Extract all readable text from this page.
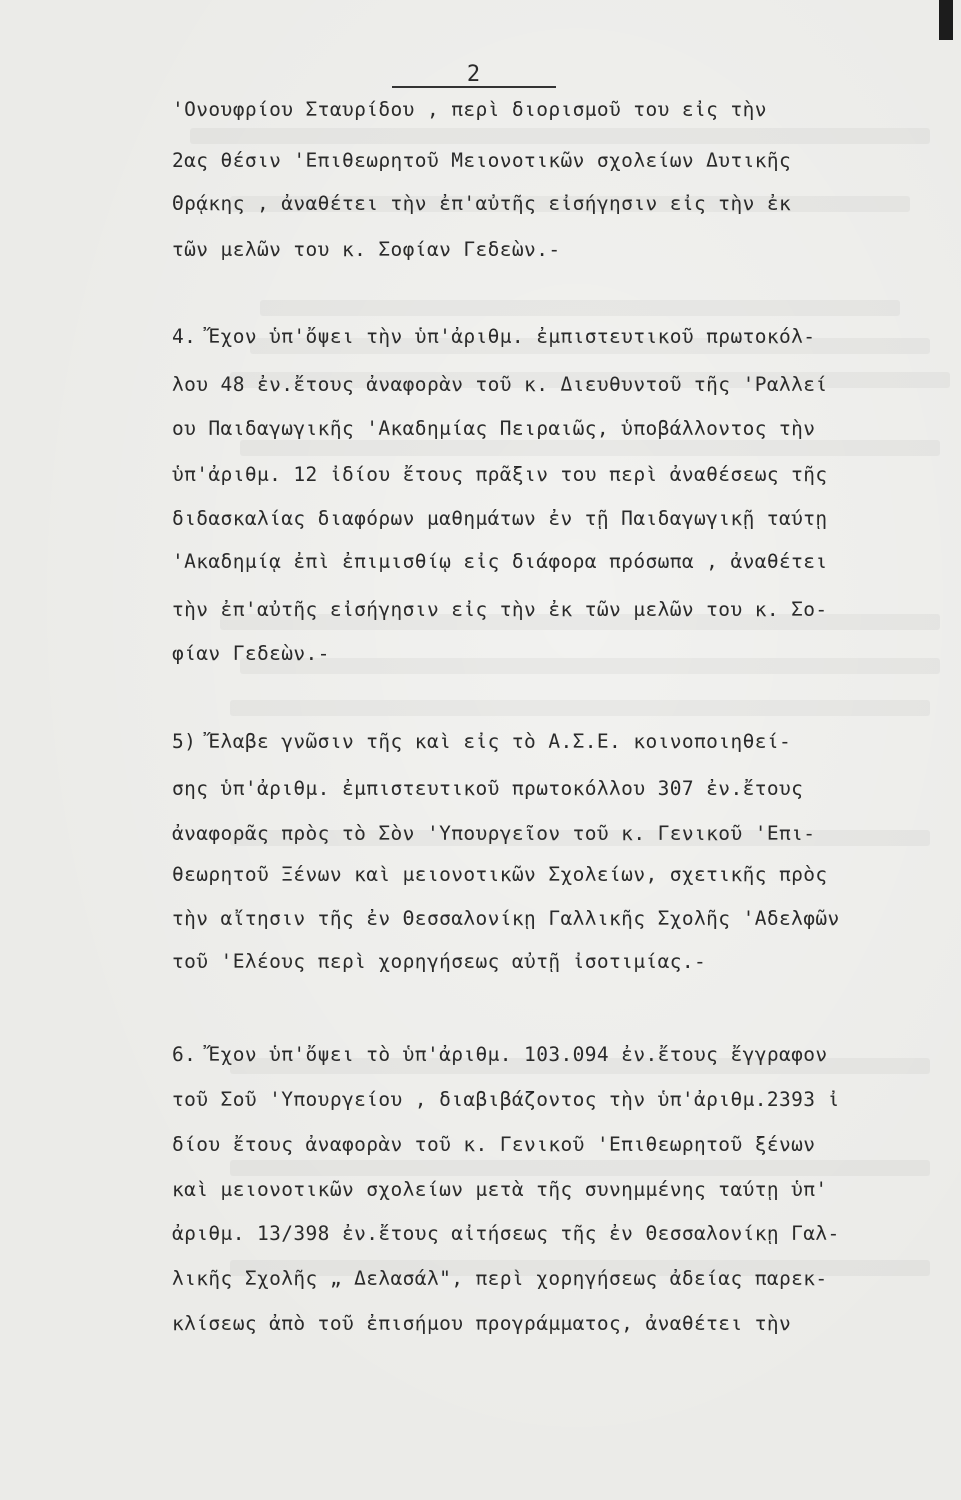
2
'Ονουφρίου Σταυρίδου , περὶ διορισμοῦ του εἰς τὴν
2ας θέσιν 'Επιθεωρητοῦ Μειονοτικῶν σχολείων Δυτικῆς
Θρᾴκης , ἀναθέτει τὴν ἐπ'αὐτῆς εἰσήγησιν εἰς τὴν ἐκ
τῶν μελῶν του κ. Σοφίαν Γεδεὼν.-
4. Ἔχον ὑπ'ὄψει τὴν ὑπ'ἀριθμ. ἐμπιστευτικοῦ πρωτοκόλ-
λου 48 ἐν.ἔτους ἀναφορὰν τοῦ κ. Διευθυντοῦ τῆς 'Ραλλεί
ου Παιδαγωγικῆς 'Ακαδημίας Πειραιῶς, ὑποβάλλοντος τὴν
ὑπ'ἀριθμ. 12 ἰδίου ἔτους πρᾶξιν του περὶ ἀναθέσεως τῆς
διδασκαλίας διαφόρων μαθημάτων ἐν τῇ Παιδαγωγικῇ ταύτῃ
'Ακαδημίᾳ ἐπὶ ἐπιμισθίῳ εἰς διάφορα πρόσωπα , ἀναθέτει
τὴν ἐπ'αὐτῆς εἰσήγησιν εἰς τὴν ἐκ τῶν μελῶν του κ. Σο-
φίαν Γεδεὼν.-
5) Ἔλαβε γνῶσιν τῆς καὶ εἰς τὸ Α.Σ.Ε. κοινοποιηθεί-
σης ὑπ'ἀριθμ. ἐμπιστευτικοῦ πρωτοκόλλου 307 ἐν.ἔτους
ἀναφορᾶς πρὸς τὸ Σὸν 'Υπουργεῖον τοῦ κ. Γενικοῦ 'Επι-
θεωρητοῦ Ξένων καὶ μειονοτικῶν Σχολείων, σχετικῆς πρὸς
τὴν αἴτησιν τῆς ἐν Θεσσαλονίκῃ Γαλλικῆς Σχολῆς 'Αδελφῶν
τοῦ 'Ελέους περὶ χορηγήσεως αὐτῇ ἰσοτιμίας.-
6. Ἔχον ὑπ'ὄψει τὸ ὑπ'ἀριθμ. 103.094 ἐν.ἔτους ἔγγραφον
τοῦ Σοῦ 'Υπουργείου , διαβιβάζοντος τὴν ὑπ'ἀριθμ.2393 ἰ
δίου ἔτους ἀναφορὰν τοῦ κ. Γενικοῦ 'Επιθεωρητοῦ ξένων
καὶ μειονοτικῶν σχολείων μετὰ τῆς συνημμένης ταύτῃ ὑπ'
ἀριθμ. 13/398 ἐν.ἔτους αἰτήσεως τῆς ἐν Θεσσαλονίκῃ Γαλ-
λικῆς Σχολῆς „ Δελασάλ", περὶ χορηγήσεως ἀδείας παρεκ-
κλίσεως ἀπὸ τοῦ ἐπισήμου προγράμματος, ἀναθέτει τὴν
